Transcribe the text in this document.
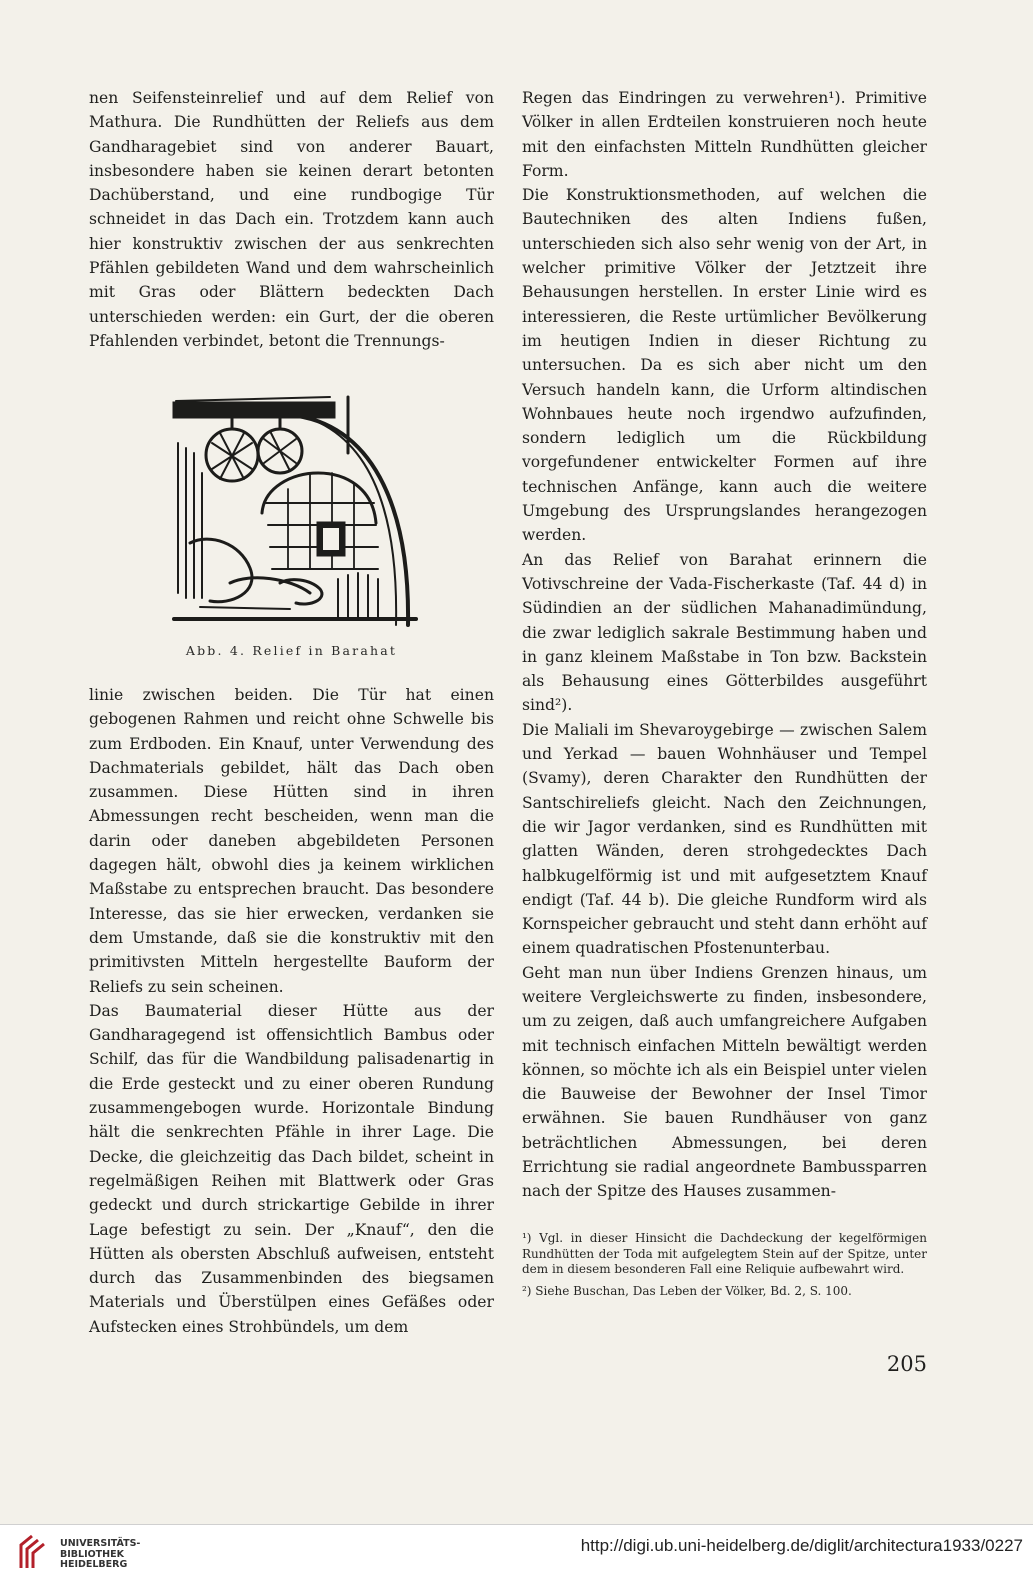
nen Seifensteinrelief und auf dem Relief von Mathura. Die Rundhütten der Reliefs aus dem Gandharagebiet sind von anderer Bauart, insbesondere haben sie keinen derart betonten Dachüberstand, und eine rundbogige Tür schneidet in das Dach ein. Trotzdem kann auch hier konstruktiv zwischen der aus senkrechten Pfählen gebildeten Wand und dem wahrscheinlich mit Gras oder Blättern bedeckten Dach unterschieden werden: ein Gurt, der die oberen Pfahlenden verbindet, betont die Trennungs-

Abb. 4. Relief in Barahat

linie zwischen beiden. Die Tür hat einen gebogenen Rahmen und reicht ohne Schwelle bis zum Erdboden. Ein Knauf, unter Verwendung des Dachmaterials gebildet, hält das Dach oben zusammen. Diese Hütten sind in ihren Abmessungen recht bescheiden, wenn man die darin oder daneben abgebildeten Personen dagegen hält, obwohl dies ja keinem wirklichen Maßstabe zu entsprechen braucht. Das besondere Interesse, das sie hier erwecken, verdanken sie dem Umstande, daß sie die konstruktiv mit den primitivsten Mitteln hergestellte Bauform der Reliefs zu sein scheinen.

Das Baumaterial dieser Hütte aus der Gandharagegend ist offensichtlich Bambus oder Schilf, das für die Wandbildung palisadenartig in die Erde gesteckt und zu einer oberen Rundung zusammengebogen wurde. Horizontale Bindung hält die senkrechten Pfähle in ihrer Lage. Die Decke, die gleichzeitig das Dach bildet, scheint in regelmäßigen Reihen mit Blattwerk oder Gras gedeckt und durch strickartige Gebilde in ihrer Lage befestigt zu sein. Der „Knauf“, den die Hütten als obersten Abschluß aufweisen, entsteht durch das Zusammenbinden des biegsamen Materials und Überstülpen eines Gefäßes oder Aufstecken eines Strohbündels, um dem

Regen das Eindringen zu verwehren¹). Primitive Völker in allen Erdteilen konstruieren noch heute mit den einfachsten Mitteln Rundhütten gleicher Form.

Die Konstruktionsmethoden, auf welchen die Bautechniken des alten Indiens fußen, unterschieden sich also sehr wenig von der Art, in welcher primitive Völker der Jetztzeit ihre Behausungen herstellen. In erster Linie wird es interessieren, die Reste urtümlicher Bevölkerung im heutigen Indien in dieser Richtung zu untersuchen. Da es sich aber nicht um den Versuch handeln kann, die Urform altindischen Wohnbaues heute noch irgendwo aufzufinden, sondern lediglich um die Rückbildung vorgefundener entwickelter Formen auf ihre technischen Anfänge, kann auch die weitere Umgebung des Ursprungslandes herangezogen werden.

An das Relief von Barahat erinnern die Votivschreine der Vada-Fischerkaste (Taf. 44 d) in Südindien an der südlichen Mahanadimündung, die zwar lediglich sakrale Bestimmung haben und in ganz kleinem Maßstabe in Ton bzw. Backstein als Behausung eines Götterbildes ausgeführt sind²).

Die Maliali im Shevaroygebirge — zwischen Salem und Yerkad — bauen Wohnhäuser und Tempel (Svamy), deren Charakter den Rundhütten der Santschireliefs gleicht. Nach den Zeichnungen, die wir Jagor verdanken, sind es Rundhütten mit glatten Wänden, deren strohgedecktes Dach halbkugelförmig ist und mit aufgesetztem Knauf endigt (Taf. 44 b). Die gleiche Rundform wird als Kornspeicher gebraucht und steht dann erhöht auf einem quadratischen Pfostenunterbau.

Geht man nun über Indiens Grenzen hinaus, um weitere Vergleichswerte zu finden, insbesondere, um zu zeigen, daß auch umfangreichere Aufgaben mit technisch einfachen Mitteln bewältigt werden können, so möchte ich als ein Beispiel unter vielen die Bauweise der Bewohner der Insel Timor erwähnen. Sie bauen Rundhäuser von ganz beträchtlichen Abmessungen, bei deren Errichtung sie radial angeordnete Bambussparren nach der Spitze des Hauses zusammen-

¹) Vgl. in dieser Hinsicht die Dachdeckung der kegelförmigen Rundhütten der Toda mit aufgelegtem Stein auf der Spitze, unter dem in diesem besonderen Fall eine Reliquie aufbewahrt wird.

²) Siehe Buschan, Das Leben der Völker, Bd. 2, S. 100.

205
UNIVERSITÄTS-
BIBLIOTHEK
HEIDELBERG
http://digi.ub.uni-heidelberg.de/diglit/architectura1933/0227
